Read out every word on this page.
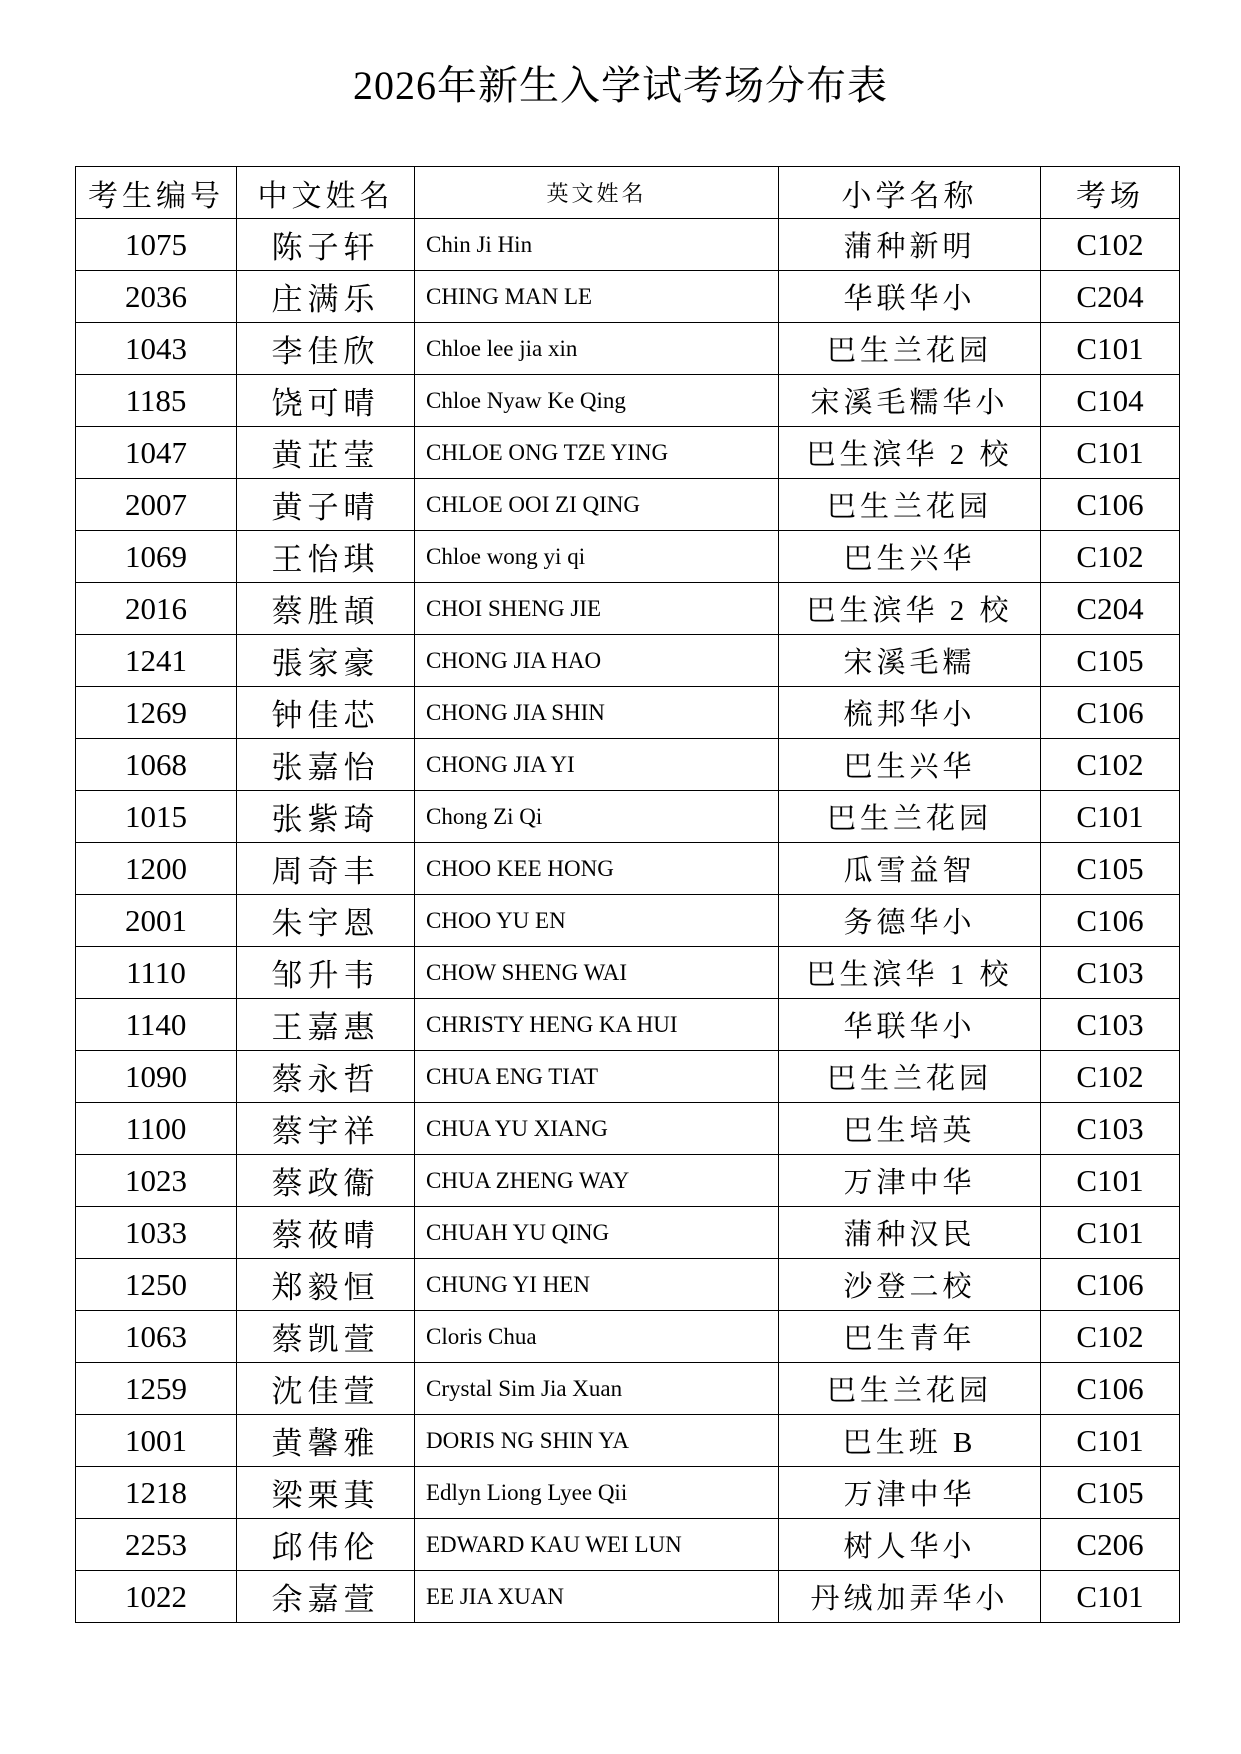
2026年新生入学试考场分布表
考生编号	中文姓名	英文姓名	小学名称	考场
1075	陈子轩	Chin Ji Hin	蒲种新明	C102
2036	庄满乐	CHING MAN LE	华联华小	C204
1043	李佳欣	Chloe lee jia xin	巴生兰花园	C101
1185	饶可晴	Chloe Nyaw Ke Qing	宋溪毛糯华小	C104
1047	黄芷莹	CHLOE ONG TZE YING	巴生滨华 2 校	C101
2007	黄子晴	CHLOE OOI ZI QING	巴生兰花园	C106
1069	王怡琪	Chloe wong yi qi	巴生兴华	C102
2016	蔡胜頡	CHOI SHENG JIE	巴生滨华 2 校	C204
1241	張家豪	CHONG JIA HAO	宋溪毛糯	C105
1269	钟佳芯	CHONG JIA SHIN	梳邦华小	C106
1068	张嘉怡	CHONG JIA YI	巴生兴华	C102
1015	张紫琦	Chong Zi Qi	巴生兰花园	C101
1200	周奇丰	CHOO KEE HONG	瓜雪益智	C105
2001	朱宇恩	CHOO YU EN	务德华小	C106
1110	邹升韦	CHOW SHENG WAI	巴生滨华 1 校	C103
1140	王嘉惠	CHRISTY HENG KA HUI	华联华小	C103
1090	蔡永哲	CHUA ENG TIAT	巴生兰花园	C102
1100	蔡宇祥	CHUA YU XIANG	巴生培英	C103
1023	蔡政衞	CHUA ZHENG WAY	万津中华	C101
1033	蔡莜晴	CHUAH YU QING	蒲种汉民	C101
1250	郑毅恒	CHUNG YI HEN	沙登二校	C106
1063	蔡凯萱	Cloris Chua	巴生青年	C102
1259	沈佳萱	Crystal Sim Jia Xuan	巴生兰花园	C106
1001	黄馨雅	DORIS NG SHIN YA	巴生班 B	C101
1218	梁栗萁	Edlyn Liong Lyee Qii	万津中华	C105
2253	邱伟伦	EDWARD KAU WEI LUN	树人华小	C206
1022	余嘉萱	EE JIA XUAN	丹绒加弄华小	C101
